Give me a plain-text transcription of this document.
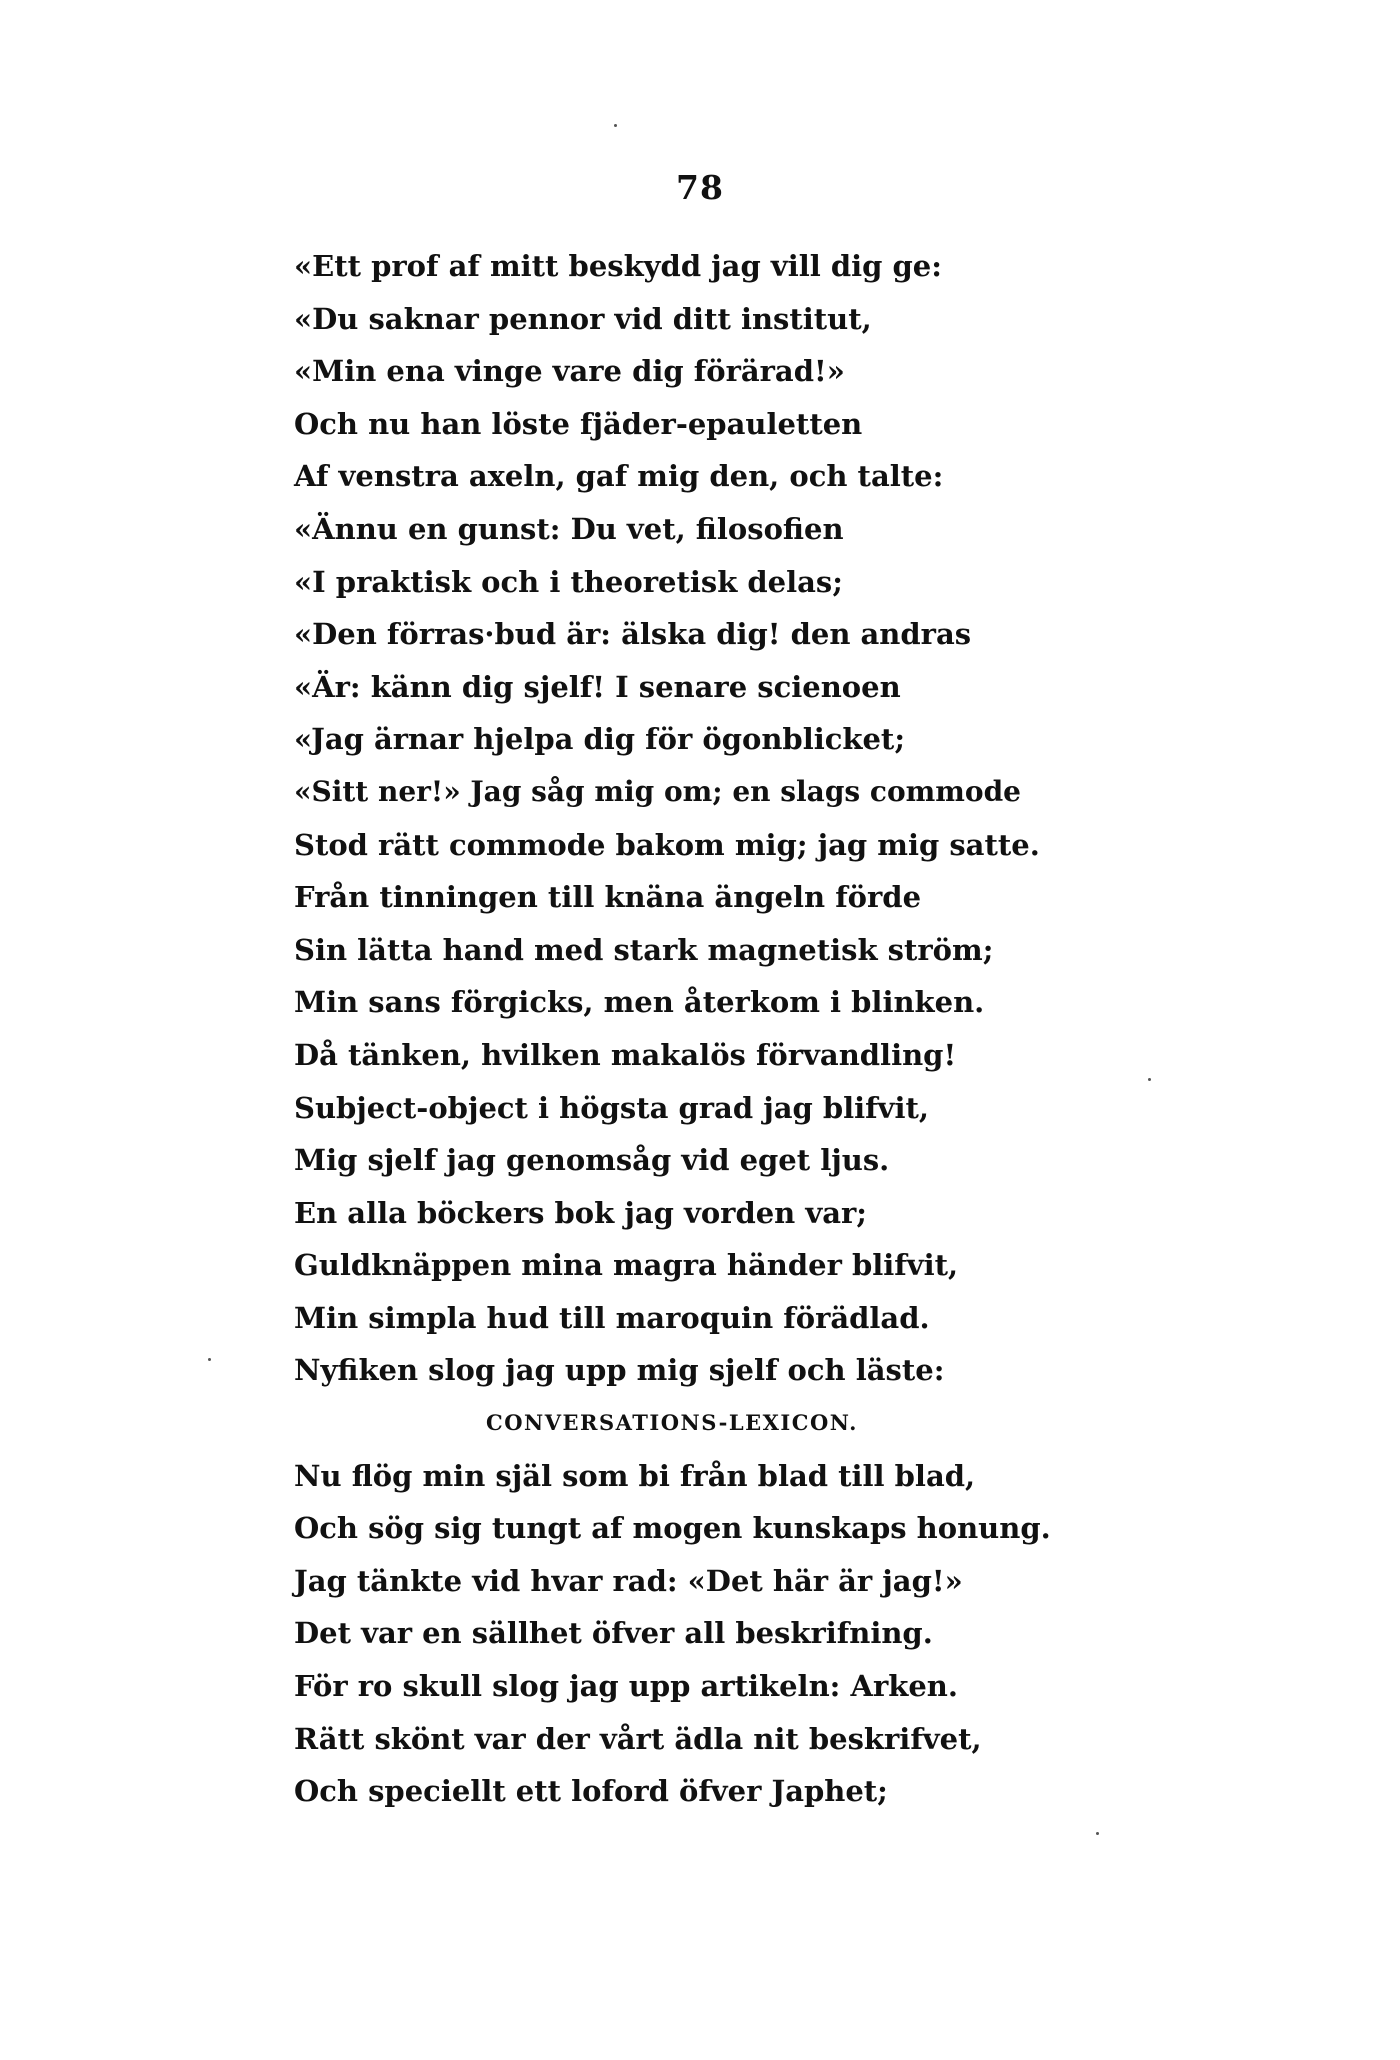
78
«Ett prof af mitt beskydd jag vill dig ge:
«Du saknar pennor vid ditt institut,
«Min ena vinge vare dig förärad!»
Och nu han löste fjäder-epauletten
Af venstra axeln, gaf mig den, och talte:
«Ännu en gunst: Du vet, filosofien
«I praktisk och i theoretisk delas;
«Den förras·bud är: älska dig! den andras
«Är: känn dig sjelf! I senare scienoen
«Jag ärnar hjelpa dig för ögonblicket;
«Sitt ner!» Jag såg mig om; en slags commode
Stod rätt commode bakom mig; jag mig satte.
Från tinningen till knäna ängeln förde
Sin lätta hand med stark magnetisk ström;
Min sans förgicks, men återkom i blinken.
Då tänken, hvilken makalös förvandling!
Subject-object i högsta grad jag blifvit,
Mig sjelf jag genomsåg vid eget ljus.
En alla böckers bok jag vorden var;
Guldknäppen mina magra händer blifvit,
Min simpla hud till maroquin förädlad.
Nyfiken slog jag upp mig sjelf och läste:
CONVERSATIONS-LEXICON.
Nu flög min själ som bi från blad till blad,
Och sög sig tungt af mogen kunskaps honung.
Jag tänkte vid hvar rad: «Det här är jag!»
Det var en sällhet öfver all beskrifning.
För ro skull slog jag upp artikeln: Arken.
Rätt skönt var der vårt ädla nit beskrifvet,
Och speciellt ett loford öfver Japhet;
